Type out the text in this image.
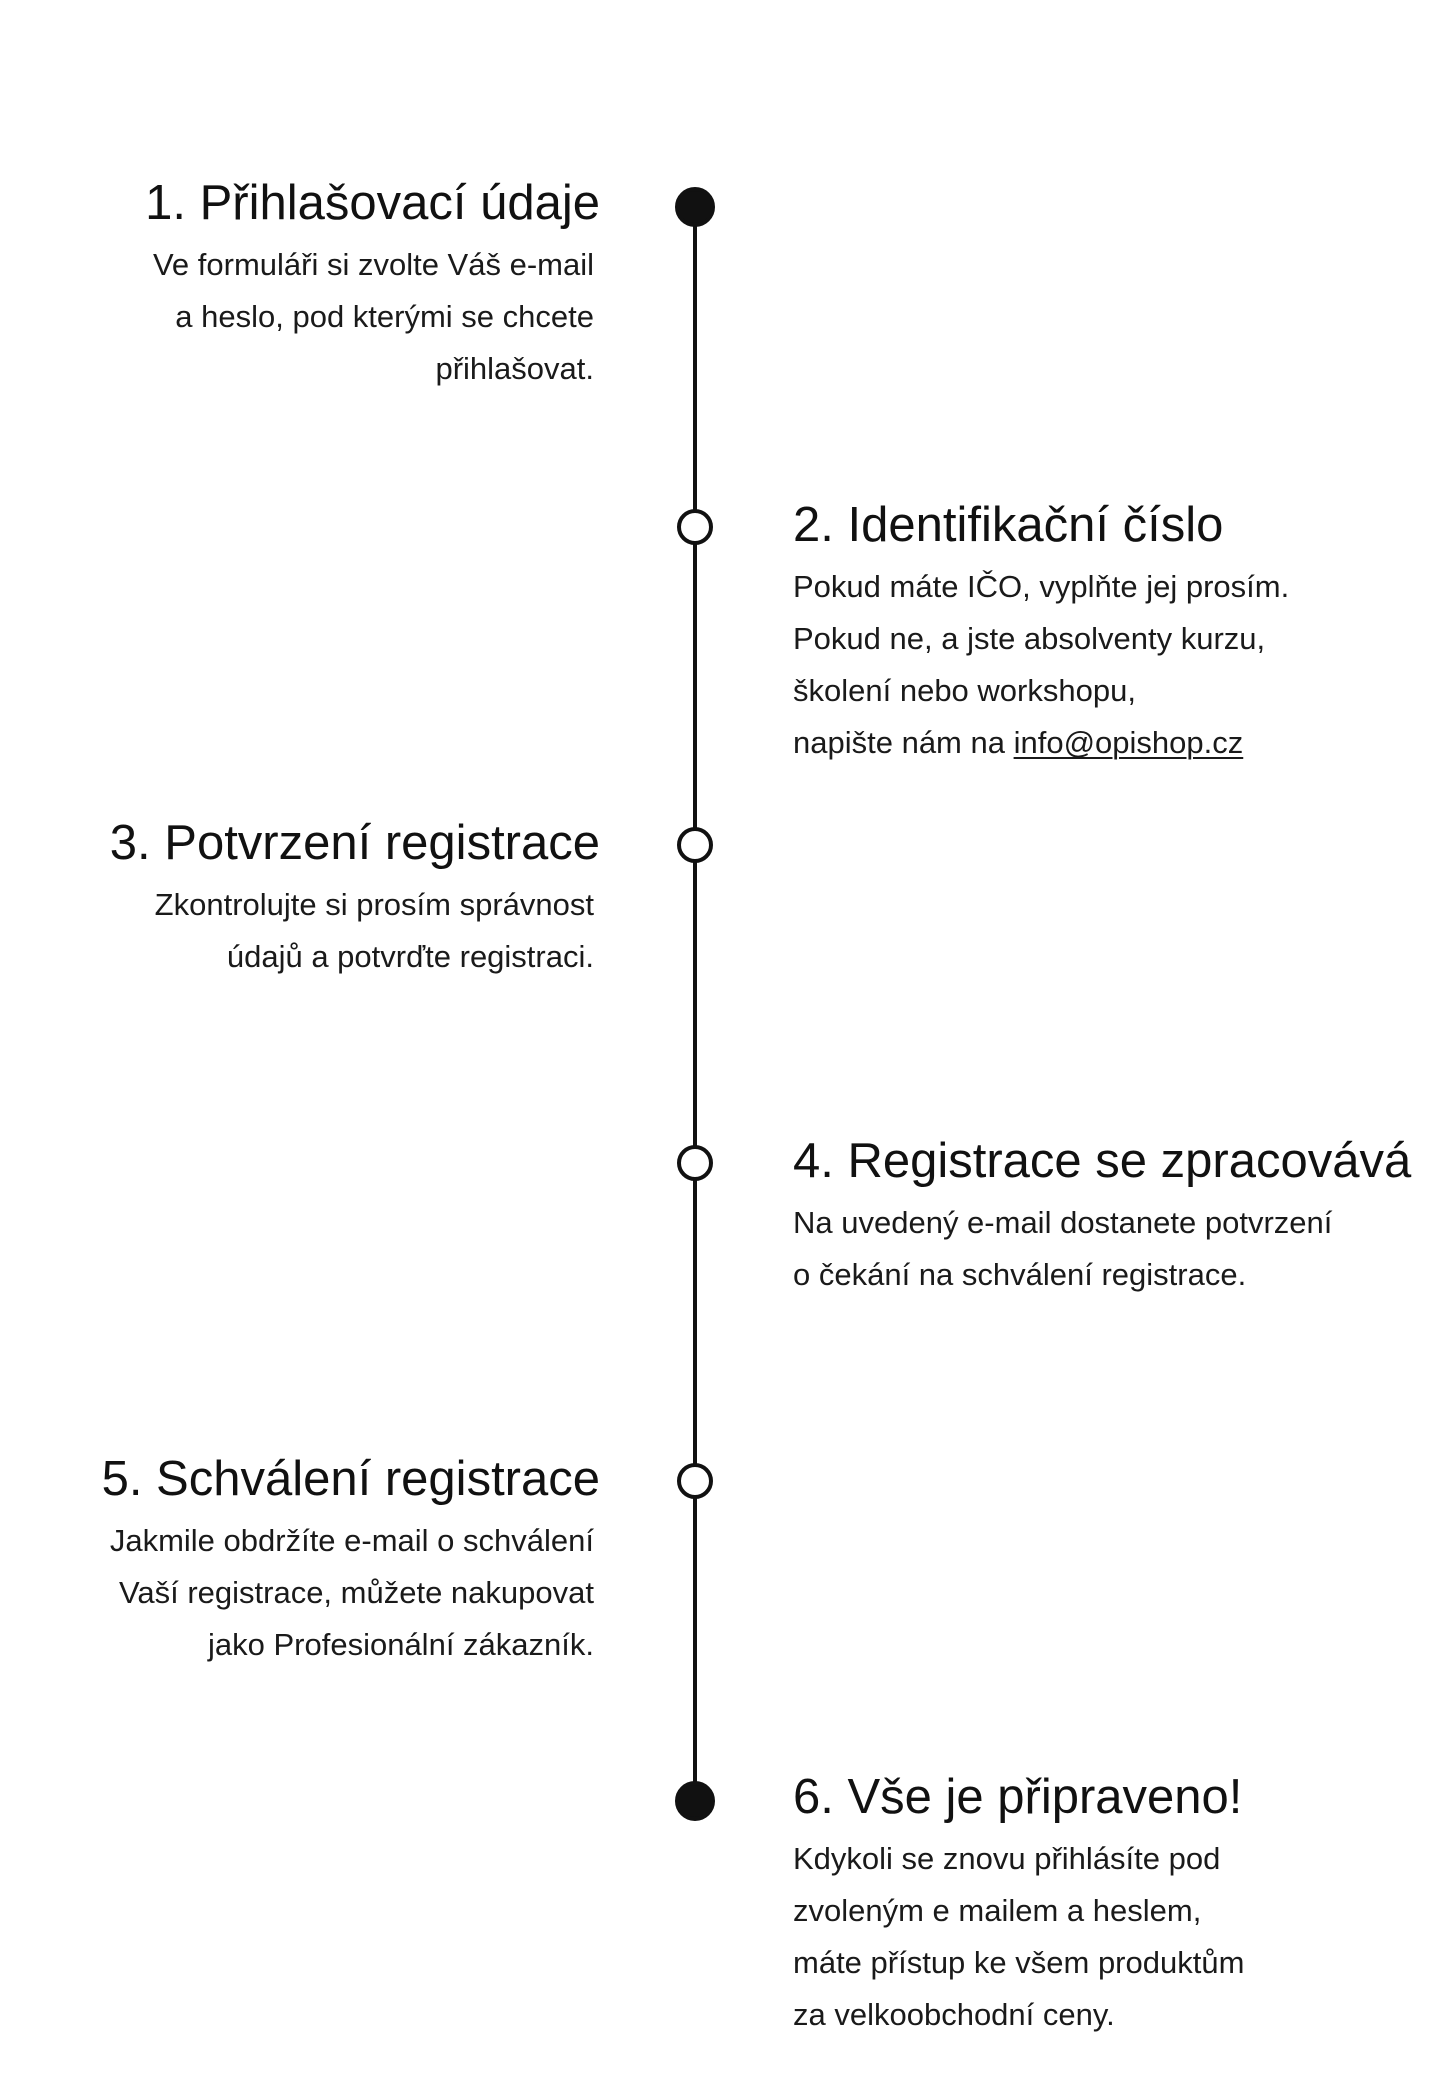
1. Přihlašovací údaje

Ve formuláři si zvolte Váš e-mail
a heslo, pod kterými se chcete
přihlašovat.

2. Identifikační číslo

Pokud máte IČO, vyplňte jej prosím.
Pokud ne, a jste absolventy kurzu,
školení nebo workshopu,
napište nám na info@opishop.cz

3. Potvrzení registrace

Zkontrolujte si prosím správnost
údajů a potvrďte registraci.

4. Registrace se zpracovává

Na uvedený e-mail dostanete potvrzení
o čekání na schválení registrace.

5. Schválení registrace

Jakmile obdržíte e-mail o schválení
Vaší registrace, můžete nakupovat
jako Profesionální zákazník.

6. Vše je připraveno!

Kdykoli se znovu přihlásíte pod
zvoleným e mailem a heslem,
máte přístup ke všem produktům
za velkoobchodní ceny.
